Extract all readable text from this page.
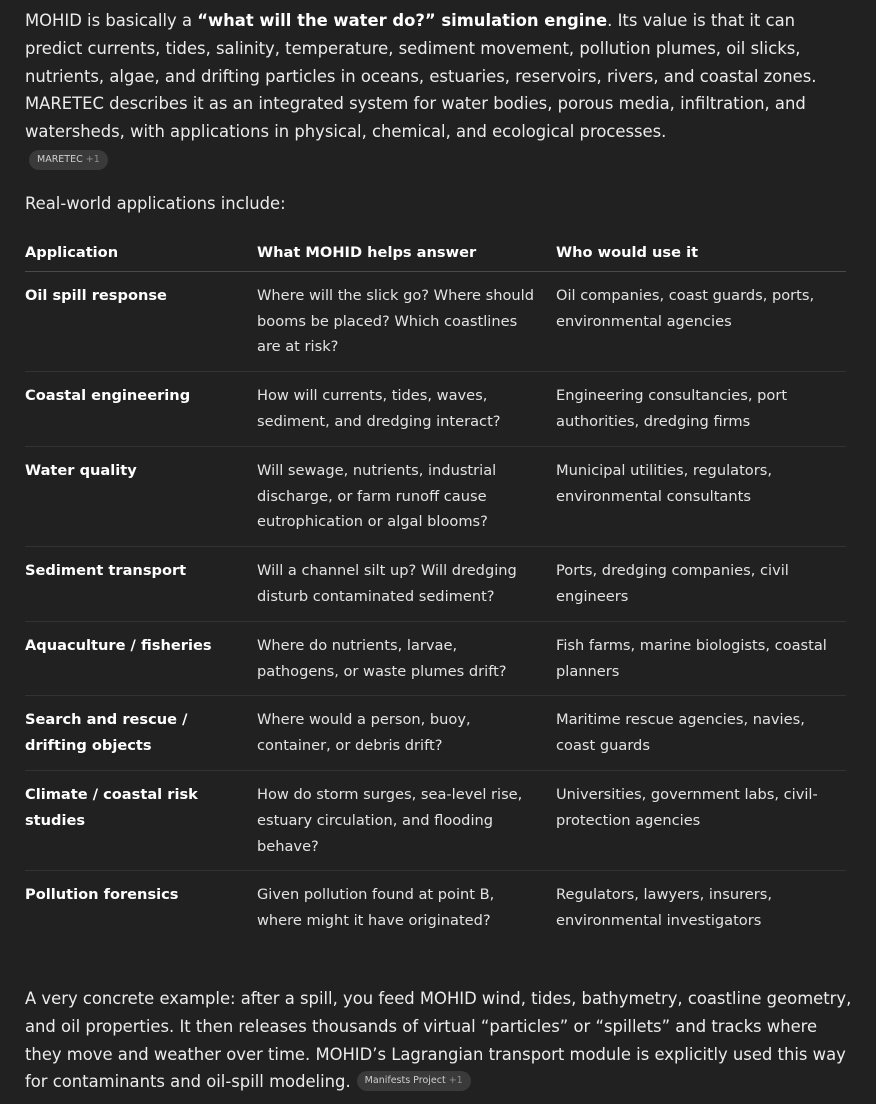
MOHID is basically a “what will the water do?” simulation engine. Its value is that it can predict currents, tides, salinity, temperature, sediment movement, pollution plumes, oil slicks, nutrients, algae, and drifting particles in oceans, estuaries, reservoirs, rivers, and coastal zones. MARETEC describes it as an integrated system for water bodies, porous media, infiltration, and watersheds, with applications in physical, chemical, and ecological processes.

MARETEC +1

Real-world applications include:

Application	What MOHID helps answer	Who would use it
Oil spill response	Where will the slick go? Where should booms be placed? Which coastlines are at risk?	Oil companies, coast guards, ports, environmental agencies
Coastal engineering	How will currents, tides, waves, sediment, and dredging interact?	Engineering consultancies, port authorities, dredging firms
Water quality	Will sewage, nutrients, industrial discharge, or farm runoff cause eutrophication or algal blooms?	Municipal utilities, regulators, environmental consultants
Sediment transport	Will a channel silt up? Will dredging disturb contaminated sediment?	Ports, dredging companies, civil engineers
Aquaculture / fisheries	Where do nutrients, larvae, pathogens, or waste plumes drift?	Fish farms, marine biologists, coastal planners
Search and rescue / drifting objects	Where would a person, buoy, container, or debris drift?	Maritime rescue agencies, navies, coast guards
Climate / coastal risk studies	How do storm surges, sea-level rise, estuary circulation, and flooding behave?	Universities, government labs, civil-protection agencies
Pollution forensics	Given pollution found at point B, where might it have originated?	Regulators, lawyers, insurers, environmental investigators

A very concrete example: after a spill, you feed MOHID wind, tides, bathymetry, coastline geometry, and oil properties. It then releases thousands of virtual “particles” or “spillets” and tracks where they move and weather over time. MOHID’s Lagrangian transport module is explicitly used this way for contaminants and oil-spill modeling. Manifests Project +1
